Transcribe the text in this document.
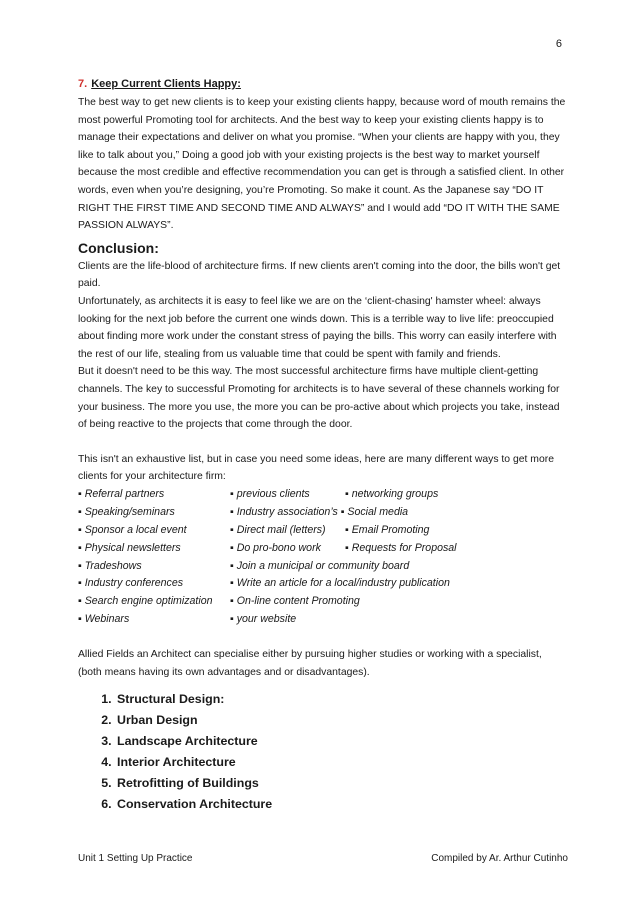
6
7. Keep Current Clients Happy:

The best way to get new clients is to keep your existing clients happy, because word of mouth remains the most powerful Promoting tool for architects. And the best way to keep your existing clients happy is to manage their expectations and deliver on what you promise. “When your clients are happy with you, they like to talk about you,” Doing a good job with your existing projects is the best way to market yourself because the most credible and effective recommendation you can get is through a satisfied client. In other words, even when you’re designing, you’re Promoting. So make it count. As the Japanese say “DO IT RIGHT THE FIRST TIME AND SECOND TIME AND ALWAYS” and I would add “DO IT WITH THE SAME PASSION ALWAYS”.

Conclusion:

Clients are the life-blood of architecture firms. If new clients aren't coming into the door, the bills won't get paid.

Unfortunately, as architects it is easy to feel like we are on the ‘client-chasing' hamster wheel: always looking for the next job before the current one winds down. This is a terrible way to live life: preoccupied about finding more work under the constant stress of paying the bills. This worry can easily interfere with the rest of our life, stealing from us valuable time that could be spent with family and friends.

But it doesn't need to be this way. The most successful architecture firms have multiple client-getting channels. The key to successful Promoting for architects is to have several of these channels working for your business. The more you use, the more you can be pro-active about which projects you take, instead of being reactive to the projects that come through the door.

This isn't an exhaustive list, but in case you need some ideas, here are many different ways to get more clients for your architecture firm:

▪ Referral partners	▪ previous clients	▪ networking groups
▪ Speaking/seminars	▪ Industry association’s ▪ Social media
▪ Sponsor a local event	▪ Direct mail (letters)	▪ Email Promoting
▪ Physical newsletters	▪ Do pro-bono work	▪ Requests for Proposal
▪ Tradeshows	▪ Join a municipal or community board
▪ Industry conferences	▪ Write an article for a local/industry publication
▪ Search engine optimization	▪ On-line content Promoting
▪ Webinars	▪ your website

Allied Fields an Architect can specialise either by pursuing higher studies or working with a specialist, (both means having its own advantages and or disadvantages).

1. Structural Design:
2. Urban Design
3. Landscape Architecture
4. Interior Architecture
5. Retrofitting of Buildings
6. Conservation Architecture
Unit 1 Setting Up Practice	Compiled by Ar. Arthur Cutinho
